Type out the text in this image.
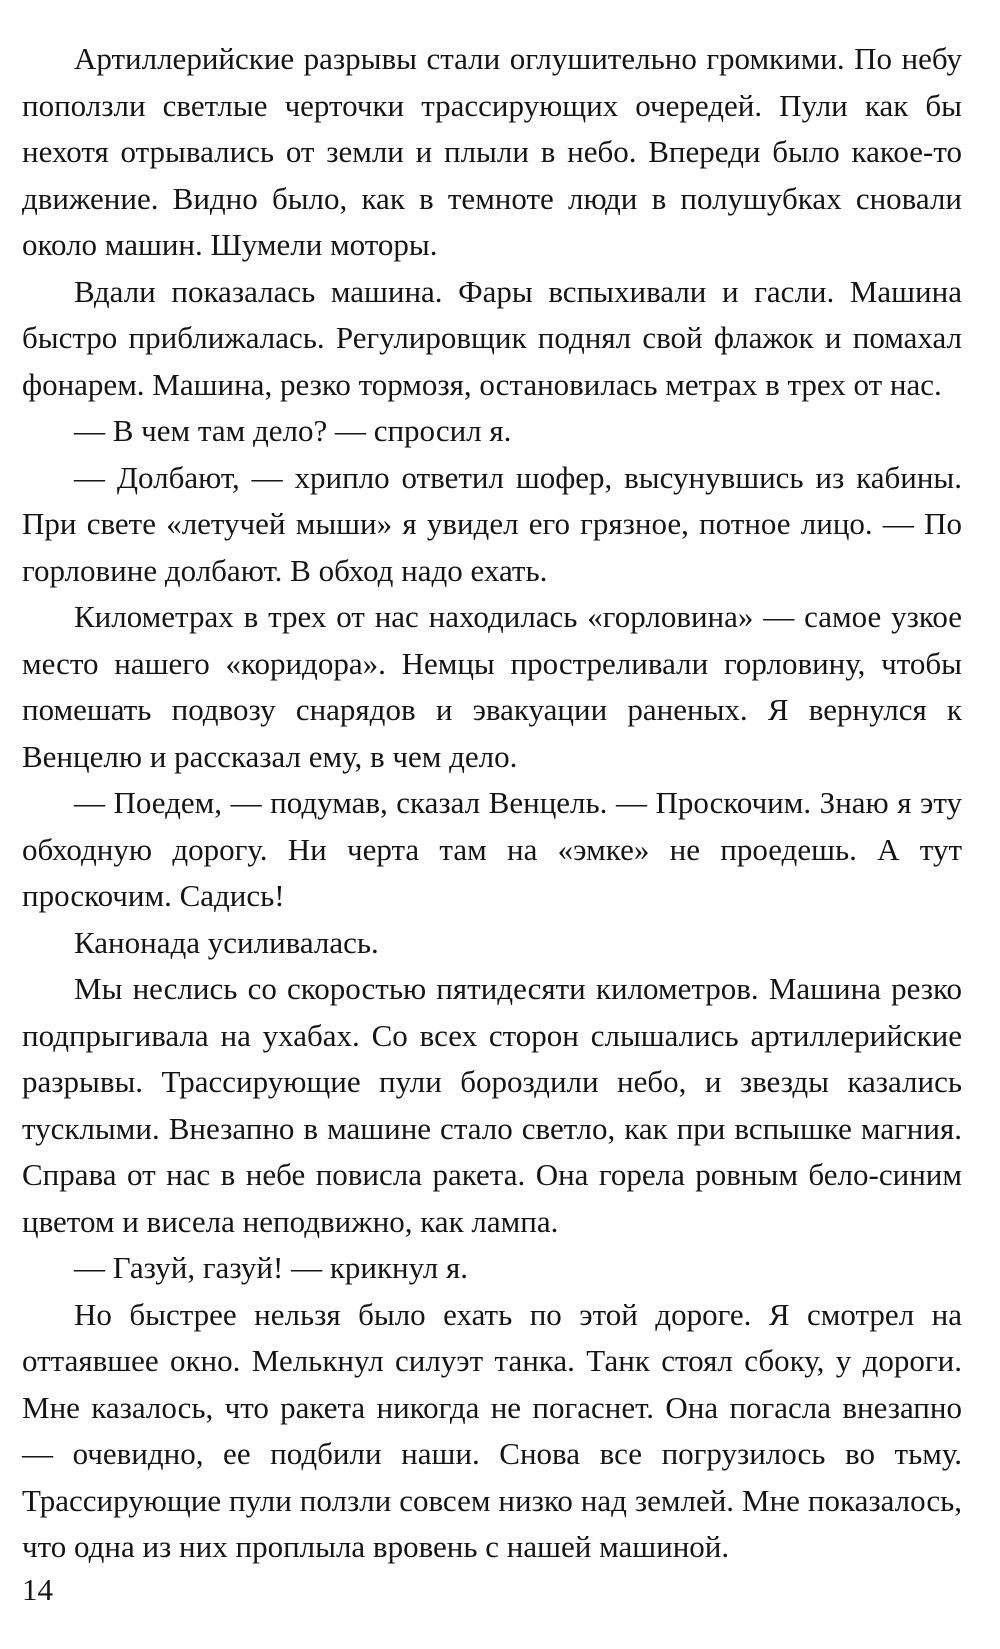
Артиллерийские разрывы стали оглушительно громкими. По небу поползли светлые черточки трассирующих очередей. Пули как бы нехотя отрывались от земли и плыли в небо. Впереди было какое-то движение. Видно было, как в темноте люди в полушубках сновали около машин. Шумели моторы.

Вдали показалась машина. Фары вспыхивали и гасли. Машина быстро приближалась. Регулировщик поднял свой флажок и помахал фонарем. Машина, резко тормозя, остановилась метрах в трех от нас.

— В чем там дело? — спросил я.

— Долбают, — хрипло ответил шофер, высунувшись из кабины. При свете «летучей мыши» я увидел его грязное, потное лицо. — По горловине долбают. В обход надо ехать.

Километрах в трех от нас находилась «горловина» — самое узкое место нашего «коридора». Немцы простреливали горловину, чтобы помешать подвозу снарядов и эвакуации раненых. Я вернулся к Венцелю и рассказал ему, в чем дело.

— Поедем, — подумав, сказал Венцель. — Проскочим. Знаю я эту обходную дорогу. Ни черта там на «эмке» не проедешь. А тут проскочим. Садись!

Канонада усиливалась.

Мы неслись со скоростью пятидесяти километров. Машина резко подпрыгивала на ухабах. Со всех сторон слышались артиллерийские разрывы. Трассирующие пули бороздили небо, и звезды казались тусклыми. Внезапно в машине стало светло, как при вспышке магния. Справа от нас в небе повисла ракета. Она горела ровным бело-синим цветом и висела неподвижно, как лампа.

— Газуй, газуй! — крикнул я.

Но быстрее нельзя было ехать по этой дороге. Я смотрел на оттаявшее окно. Мелькнул силуэт танка. Танк стоял сбоку, у дороги. Мне казалось, что ракета никогда не погаснет. Она погасла внезапно — очевидно, ее подбили наши. Снова все погрузилось во тьму. Трассирующие пули ползли совсем низко над землей. Мне показалось, что одна из них проплыла вровень с нашей машиной.

14
